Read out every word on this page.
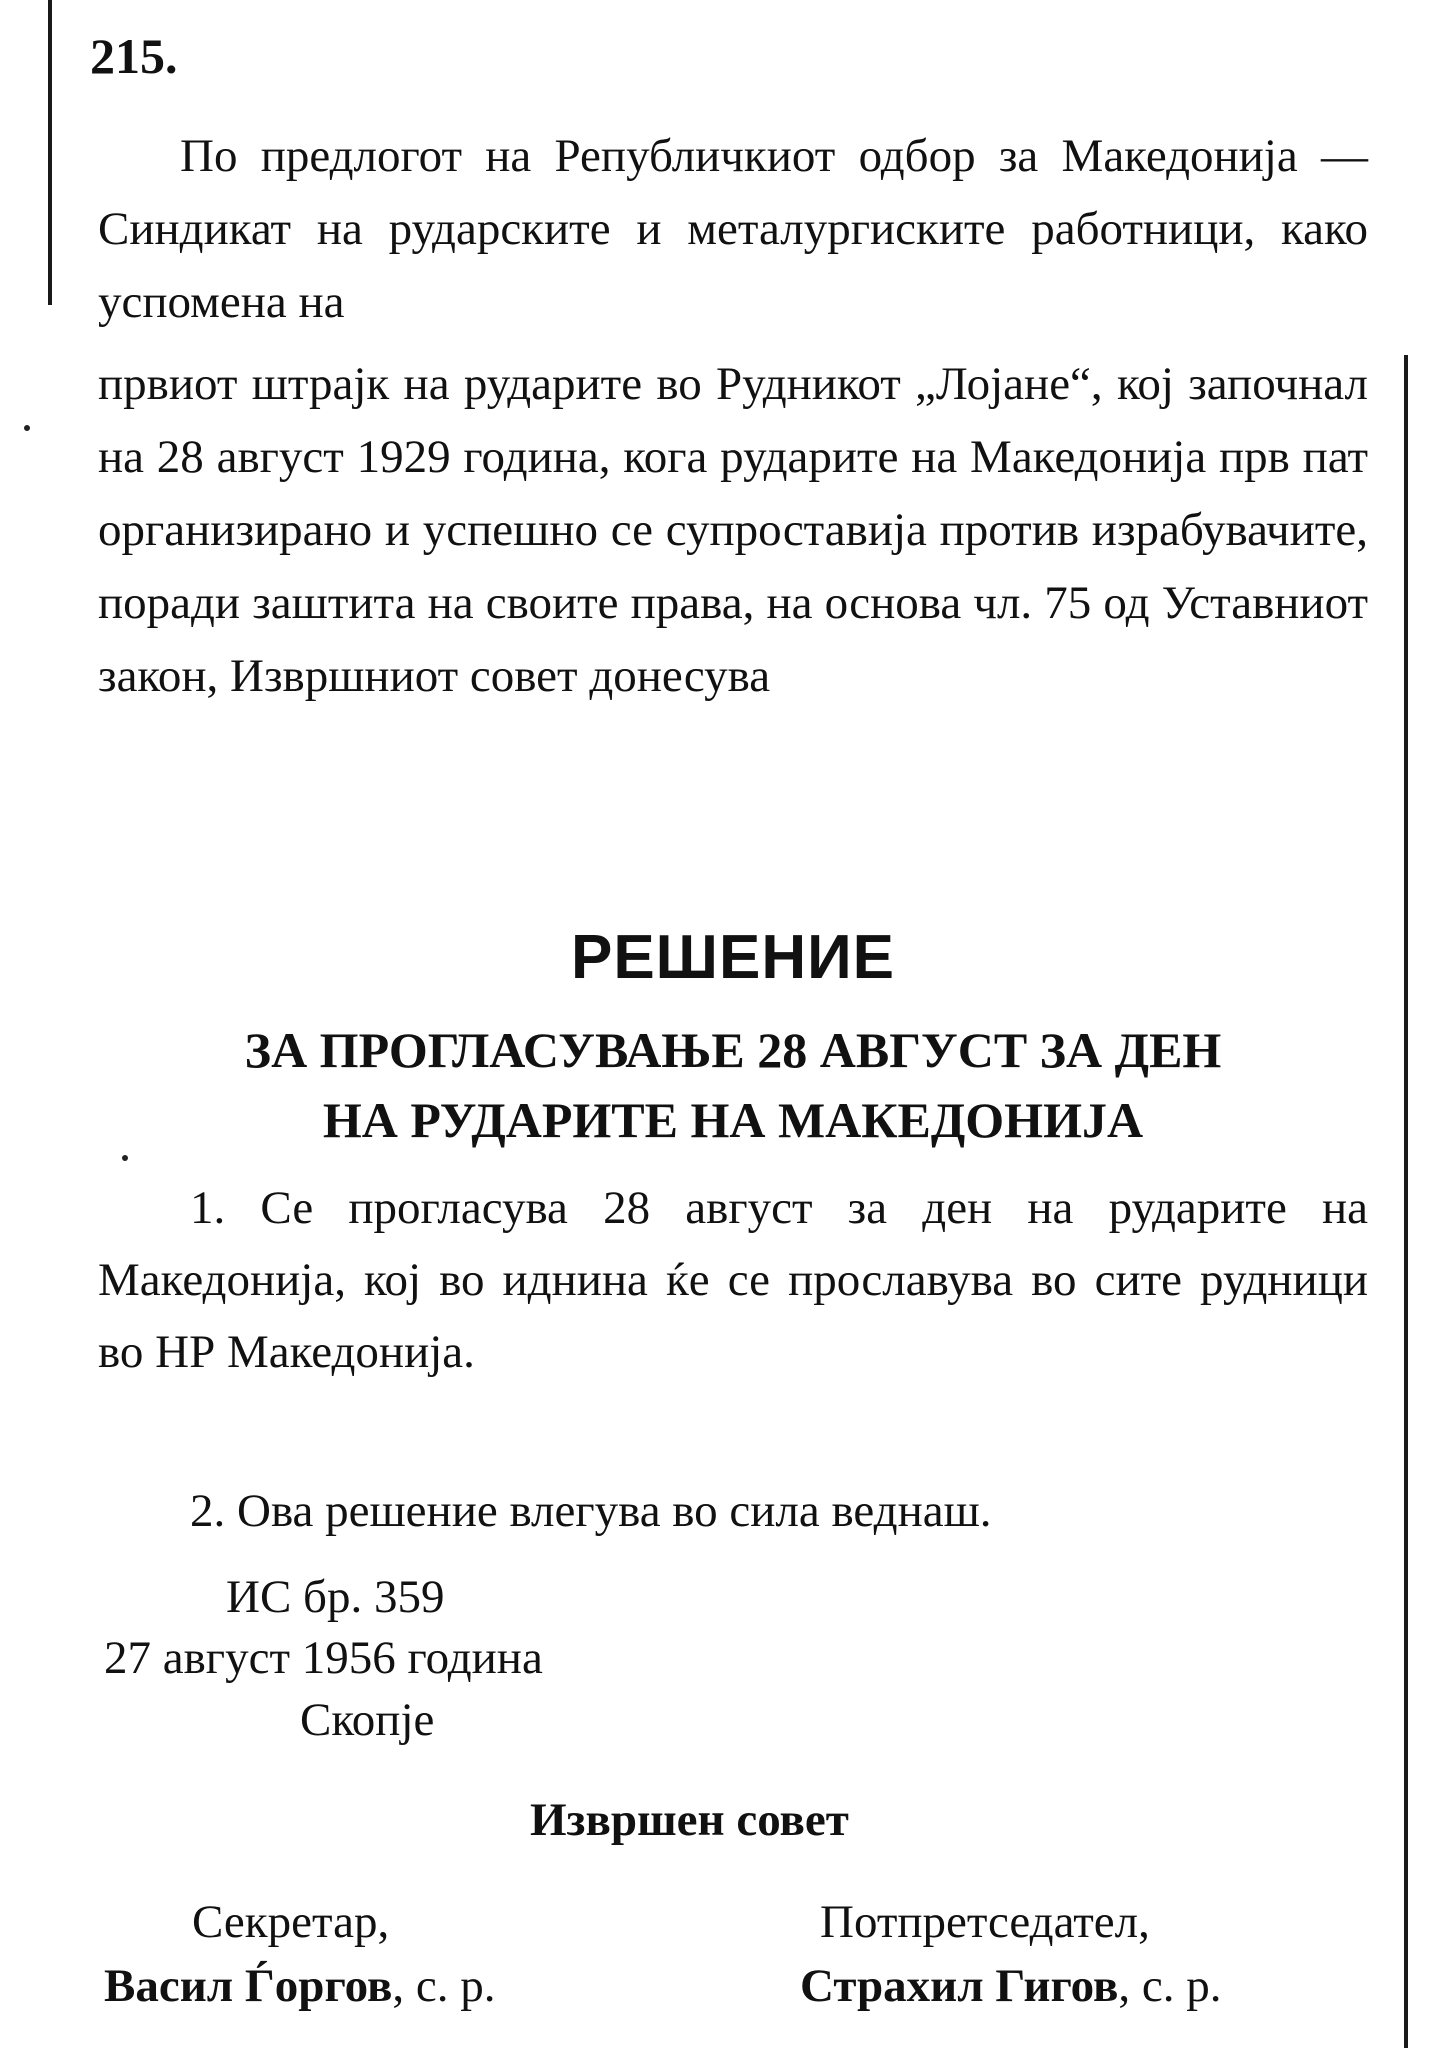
215.

По предлогот на Републичкиот одбор за Македонија — Синдикат на рударските и металургиските работници, како успомена на

првиот штрајк на рударите во Рудникот „Лојане“, кој започнал на 28 август 1929 година, кога рударите на Македонија прв пат организирано и успешно се супроставија против израбувачите, поради заштита на своите права, на основа чл. 75 од Уставниот закон, Извршниот совет донесува

РЕШЕНИЕ
ЗА ПРОГЛАСУВАЊЕ 28 АВГУСТ ЗА ДЕН
НА РУДАРИТЕ НА МАКЕДОНИЈА

1. Се прогласува 28 август за ден на рударите на Македонија, кој во иднина ќе се прославува во сите рудници во НР Македонија.

2. Ова решение влегува во сила веднаш.

ИС бр. 359
27 август 1956 година
Скопје
Извршен совет
Секретар,
Васил Ѓоргов, с. р.
Потпретседател,
Страхил Гигов, с. р.
